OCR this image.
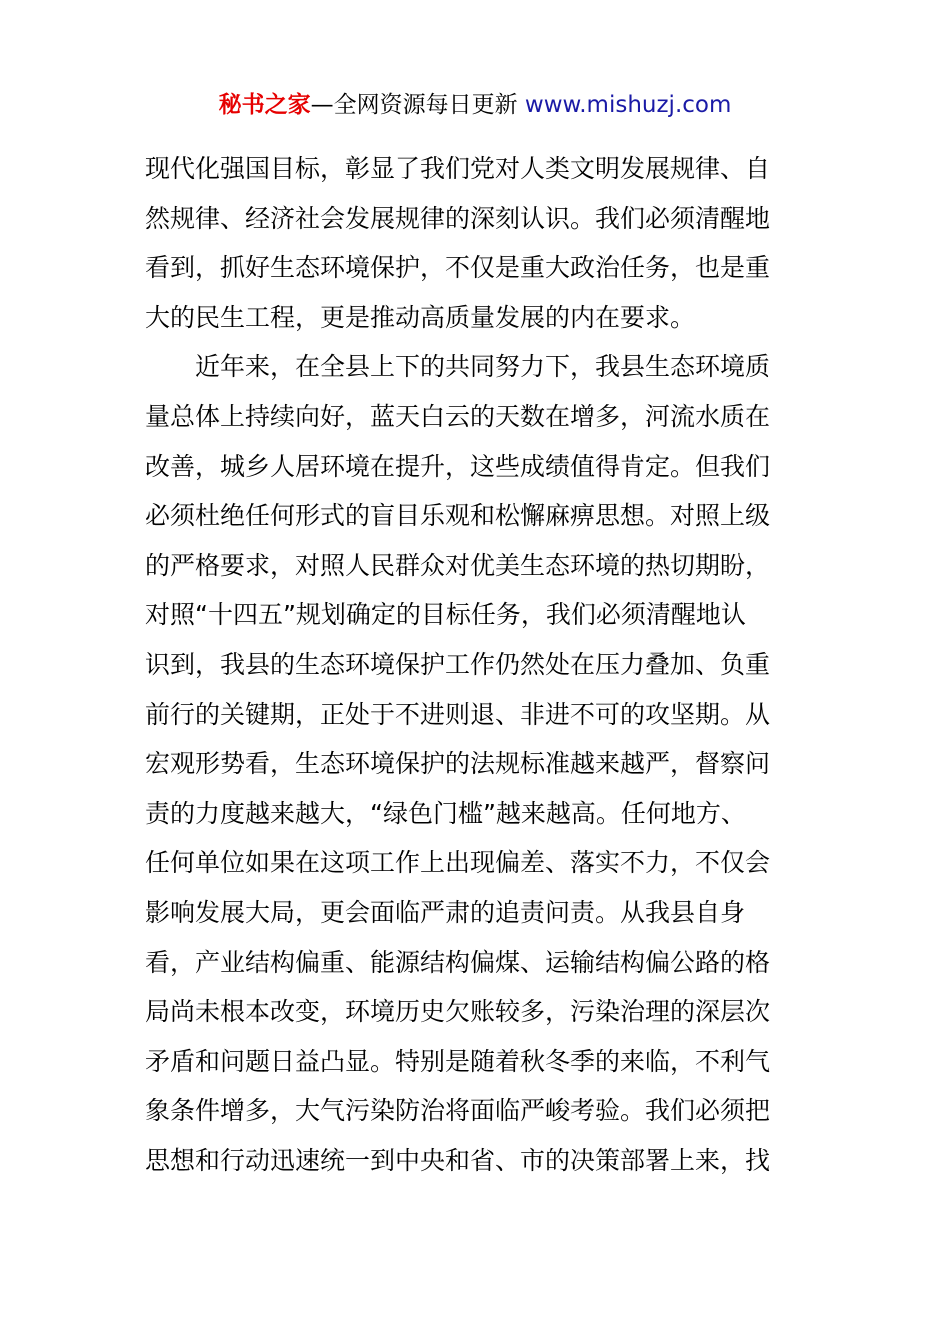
秘书之家—全网资源每日更新 www.mishuzj.com
现代化强国目标，彰显了我们党对人类文明发展规律、自
然规律、经济社会发展规律的深刻认识。我们必须清醒地
看到，抓好生态环境保护，不仅是重大政治任务，也是重
大的民生工程，更是推动高质量发展的内在要求。
近年来，在全县上下的共同努力下，我县生态环境质
量总体上持续向好，蓝天白云的天数在增多，河流水质在
改善，城乡人居环境在提升，这些成绩值得肯定。但我们
必须杜绝任何形式的盲目乐观和松懈麻痹思想。对照上级
的严格要求，对照人民群众对优美生态环境的热切期盼，
对照“十四五”规划确定的目标任务，我们必须清醒地认
识到，我县的生态环境保护工作仍然处在压力叠加、负重
前行的关键期，正处于不进则退、非进不可的攻坚期。从
宏观形势看，生态环境保护的法规标准越来越严，督察问
责的力度越来越大，“绿色门槛”越来越高。任何地方、
任何单位如果在这项工作上出现偏差、落实不力，不仅会
影响发展大局，更会面临严肃的追责问责。从我县自身
看，产业结构偏重、能源结构偏煤、运输结构偏公路的格
局尚未根本改变，环境历史欠账较多，污染治理的深层次
矛盾和问题日益凸显。特别是随着秋冬季的来临，不利气
象条件增多，大气污染防治将面临严峻考验。我们必须把
思想和行动迅速统一到中央和省、市的决策部署上来，找
